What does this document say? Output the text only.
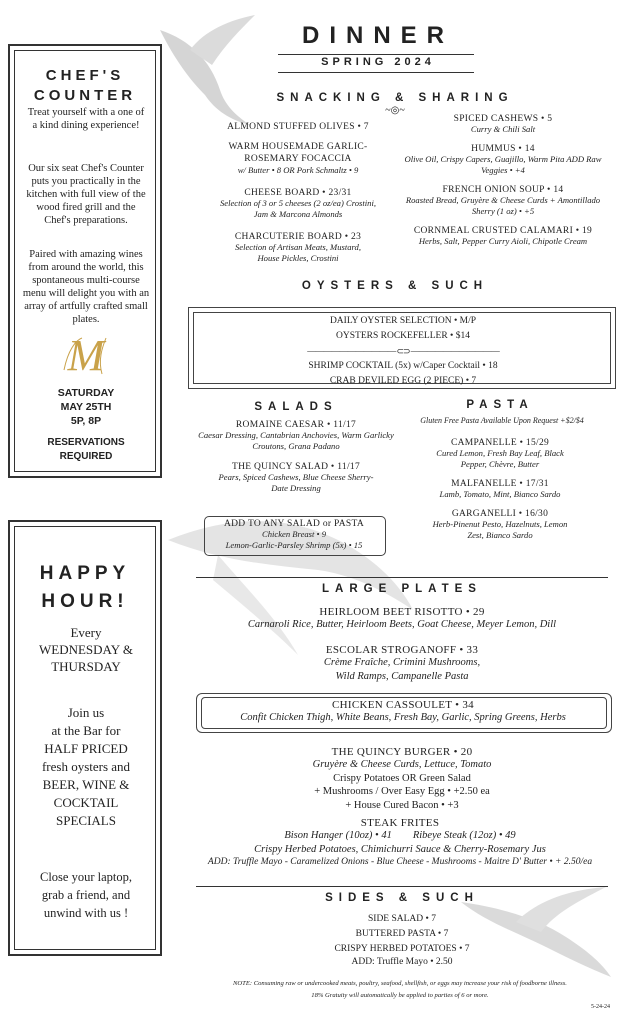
CHEF'S
COUNTER
Treat yourself with a one of a kind dining experience!
Our six seat Chef's Counter puts you practically in the kitchen with full view of the wood fired grill and the Chef's preparations.
Paired with amazing wines from around the world, this spontaneous multi-course menu will delight you with an array of artfully crafted small plates.
M
SATURDAY
MAY 25TH
5P, 8P
RESERVATIONS
REQUIRED
HAPPY
HOUR!
Every
WEDNESDAY &
THURSDAY
Join us
at the Bar for
HALF PRICED
fresh oysters and
BEER, WINE &
COCKTAIL
SPECIALS
Close your laptop,
grab a friend, and
unwind with us !
DINNER
SPRING 2024
SNACKING & SHARING
~◎~
ALMOND STUFFED OLIVES • 7
WARM HOUSEMADE GARLIC-ROSEMARY FOCACCIA
w/ Butter • 8 OR Pork Schmaltz • 9
CHEESE BOARD • 23/31
Selection of 3 or 5 cheeses (2 oz/ea) Crostini, Jam & Marcona Almonds
CHARCUTERIE BOARD • 23
Selection of Artisan Meats, Mustard, House Pickles, Crostini
SPICED CASHEWS • 5
Curry & Chili Salt
HUMMUS • 14
Olive Oil, Crispy Capers, Guajillo, Warm Pita ADD Raw Veggies • +4
FRENCH ONION SOUP • 14
Roasted Bread, Gruyère & Cheese Curds + Amontillado Sherry (1 oz) • +5
CORNMEAL CRUSTED CALAMARI • 19
Herbs, Salt, Pepper Curry Aioli, Chipotle Cream
OYSTERS & SUCH
DAILY OYSTER SELECTION • M/P
OYSTERS ROCKEFELLER • $14
——————————— ⊂⊃ ———————————
SHRIMP COCKTAIL (5x) w/Caper Cocktail • 18
CRAB DEVILED EGG (2 PIECE) • 7
SALADS
ROMAINE CAESAR • 11/17
Caesar Dressing, Cantabrian Anchovies, Warm Garlicky Croutons, Grana Padano
THE QUINCY SALAD • 11/17
Pears, Spiced Cashews, Blue Cheese Sherry-Date Dressing
ADD TO ANY SALAD or PASTA
Chicken Breast • 9
Lemon-Garlic-Parsley Shrimp (5x) • 15
PASTA
Gluten Free Pasta Available Upon Request +$2/$4
CAMPANELLE • 15/29
Cured Lemon, Fresh Bay Leaf, Black Pepper, Chèvre, Butter
MALFANELLE • 17/31
Lamb, Tomato, Mint, Bianco Sardo
GARGANELLI • 16/30
Herb-Pinenut Pesto, Hazelnuts, Lemon Zest, Bianco Sardo
LARGE PLATES
HEIRLOOM BEET RISOTTO • 29
Carnaroli Rice, Butter, Heirloom Beets, Goat Cheese, Meyer Lemon, Dill
ESCOLAR STROGANOFF • 33
Crème Fraîche, Crimini Mushrooms,
Wild Ramps, Campanelle Pasta
CHICKEN CASSOULET • 34
Confit Chicken Thigh, White Beans, Fresh Bay, Garlic, Spring Greens, Herbs
THE QUINCY BURGER • 20
Gruyère & Cheese Curds, Lettuce, Tomato
Crispy Potatoes OR Green Salad
+ Mushrooms / Over Easy Egg • +2.50 ea
+ House Cured Bacon • +3
STEAK FRITES
Bison Hanger (10oz) • 41        Ribeye Steak (12oz) • 49
Crispy Herbed Potatoes, Chimichurri Sauce & Cherry-Rosemary Jus
ADD: Truffle Mayo - Caramelized Onions - Blue Cheese - Mushrooms - Maitre D' Butter • + 2.50/ea
SIDES & SUCH
SIDE SALAD • 7
BUTTERED PASTA • 7
CRISPY HERBED POTATOES • 7
ADD: Truffle Mayo • 2.50
NOTE: Consuming raw or undercooked meats, poultry, seafood, shellfish, or eggs may increase your risk of foodborne illness.
18% Gratuity will automatically be applied to parties of 6 or more.
5-24-24
